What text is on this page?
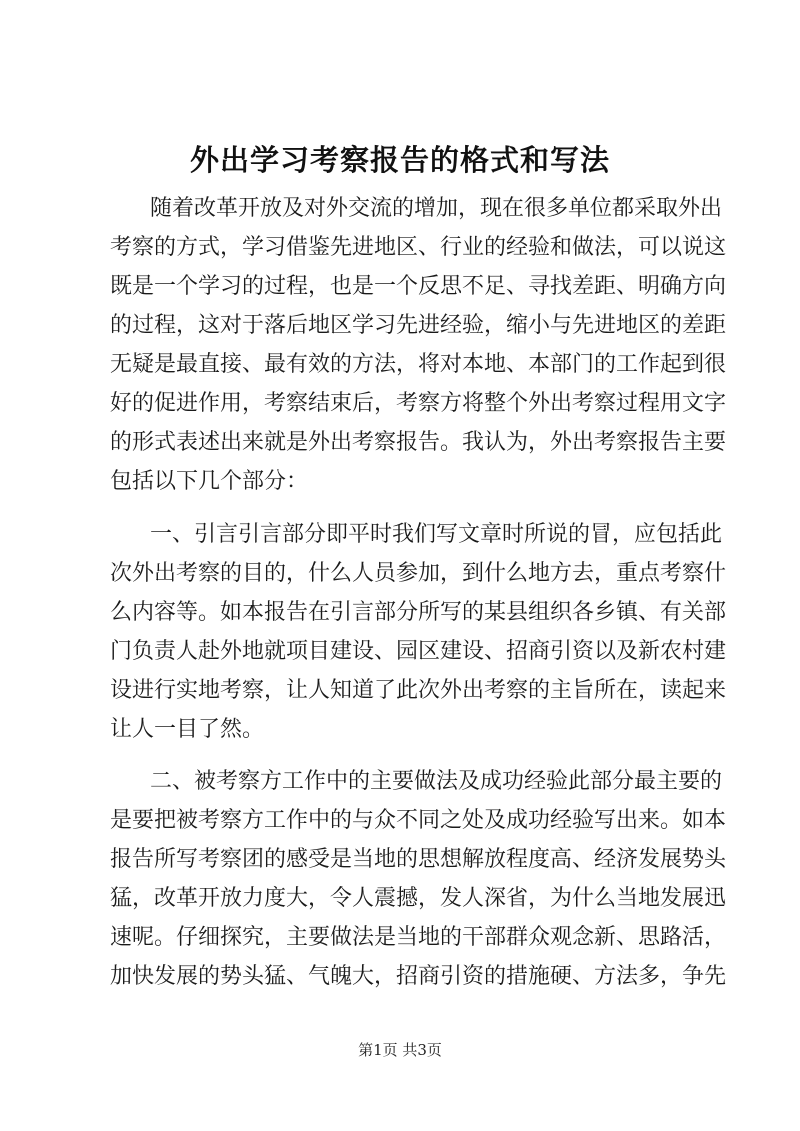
外出学习考察报告的格式和写法
随着改革开放及对外交流的增加，现在很多单位都采取外出
考察的方式，学习借鉴先进地区、行业的经验和做法，可以说这
既是一个学习的过程，也是一个反思不足、寻找差距、明确方向
的过程，这对于落后地区学习先进经验，缩小与先进地区的差距
无疑是最直接、最有效的方法，将对本地、本部门的工作起到很
好的促进作用，考察结束后，考察方将整个外出考察过程用文字
的形式表述出来就是外出考察报告。我认为，外出考察报告主要
包括以下几个部分：
一、引言引言部分即平时我们写文章时所说的冒，应包括此
次外出考察的目的，什么人员参加，到什么地方去，重点考察什
么内容等。如本报告在引言部分所写的某县组织各乡镇、有关部
门负责人赴外地就项目建设、园区建设、招商引资以及新农村建
设进行实地考察，让人知道了此次外出考察的主旨所在，读起来
让人一目了然。
二、被考察方工作中的主要做法及成功经验此部分最主要的
是要把被考察方工作中的与众不同之处及成功经验写出来。如本
报告所写考察团的感受是当地的思想解放程度高、经济发展势头
猛，改革开放力度大，令人震撼，发人深省，为什么当地发展迅
速呢。仔细探究，主要做法是当地的干部群众观念新、思路活，
加快发展的势头猛、气魄大，招商引资的措施硬、方法多，争先
第1页 共3页
